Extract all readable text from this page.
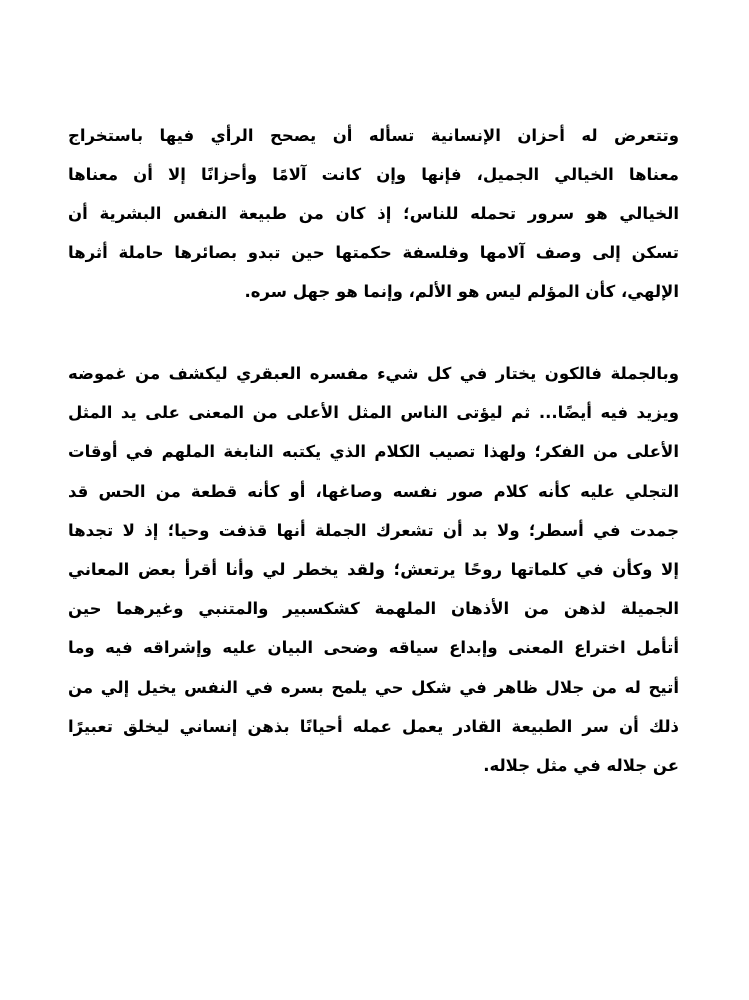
وتتعرض له أحزان الإنسانية تسأله أن يصحح الرأي فيها باستخراج
معناها الخيالي الجميل، فإنها وإن كانت آلامًا وأحزانًا إلا أن معناها
الخيالي هو سرور تحمله للناس؛ إذ كان من طبيعة النفس البشرية أن
تسكن إلى وصف آلامها وفلسفة حكمتها حين تبدو بصائرها حاملة أثرها
الإلهي، كأن المؤلم ليس هو الألم، وإنما هو جهل سره.
وبالجملة فالكون يختار في كل شيء مفسره العبقري ليكشف من غموضه
ويزيد فيه أيضًا... ثم ليؤتى الناس المثل الأعلى من المعنى على يد المثل
الأعلى من الفكر؛ ولهذا تصيب الكلام الذي يكتبه النابغة الملهم في أوقات
التجلي عليه كأنه كلام صور نفسه وصاغها، أو كأنه قطعة من الحس قد
جمدت في أسطر؛ ولا بد أن تشعرك الجملة أنها قذفت وحيا؛ إذ لا تجدها
إلا وكأن في كلماتها روحًا يرتعش؛ ولقد يخطر لي وأنا أقرأ بعض المعاني
الجميلة لذهن من الأذهان الملهمة كشكسبير والمتنبي وغيرهما حين
أتأمل اختراع المعنى وإبداع سياقه وضحى البيان عليه وإشراقه فيه وما
أتيح له من جلال ظاهر في شكل حي يلمح بسره في النفس يخيل إلي من
ذلك أن سر الطبيعة القادر يعمل عمله أحيانًا بذهن إنساني ليخلق تعبيرًا
عن جلاله في مثل جلاله.
